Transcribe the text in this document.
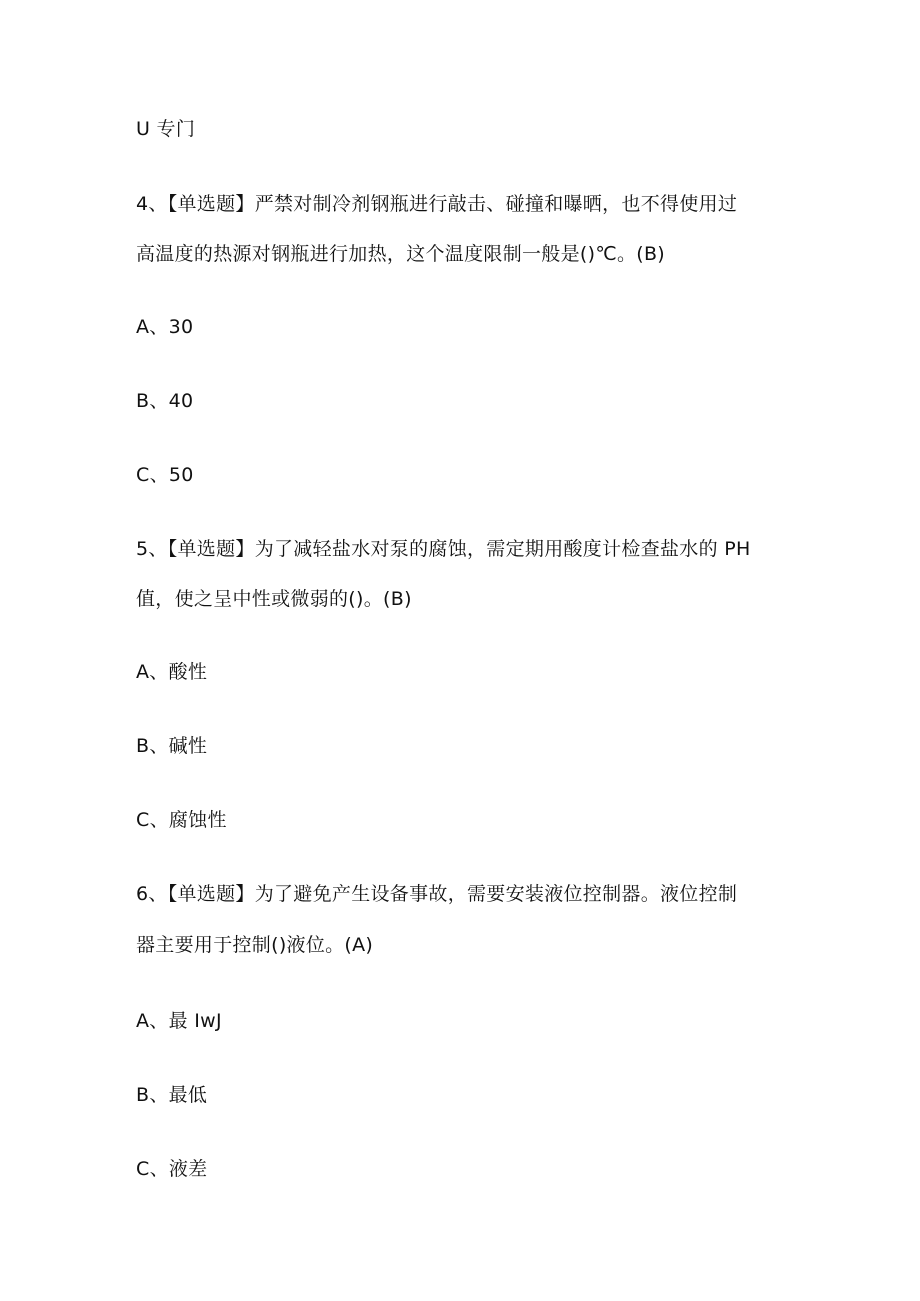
U 专门

4、【单选题】严禁对制冷剂钢瓶进行敲击、碰撞和曝晒，也不得使用过

高温度的热源对钢瓶进行加热，这个温度限制一般是()℃。(B)

A、30

B、40

C、50

5、【单选题】为了减轻盐水对泵的腐蚀，需定期用酸度计检查盐水的 PH

值，使之呈中性或微弱的()。(B)

A、酸性

B、碱性

C、腐蚀性

6、【单选题】为了避免产生设备事故，需要安装液位控制器。液位控制

器主要用于控制()液位。(A)

A、最 IwJ

B、最低

C、液差
